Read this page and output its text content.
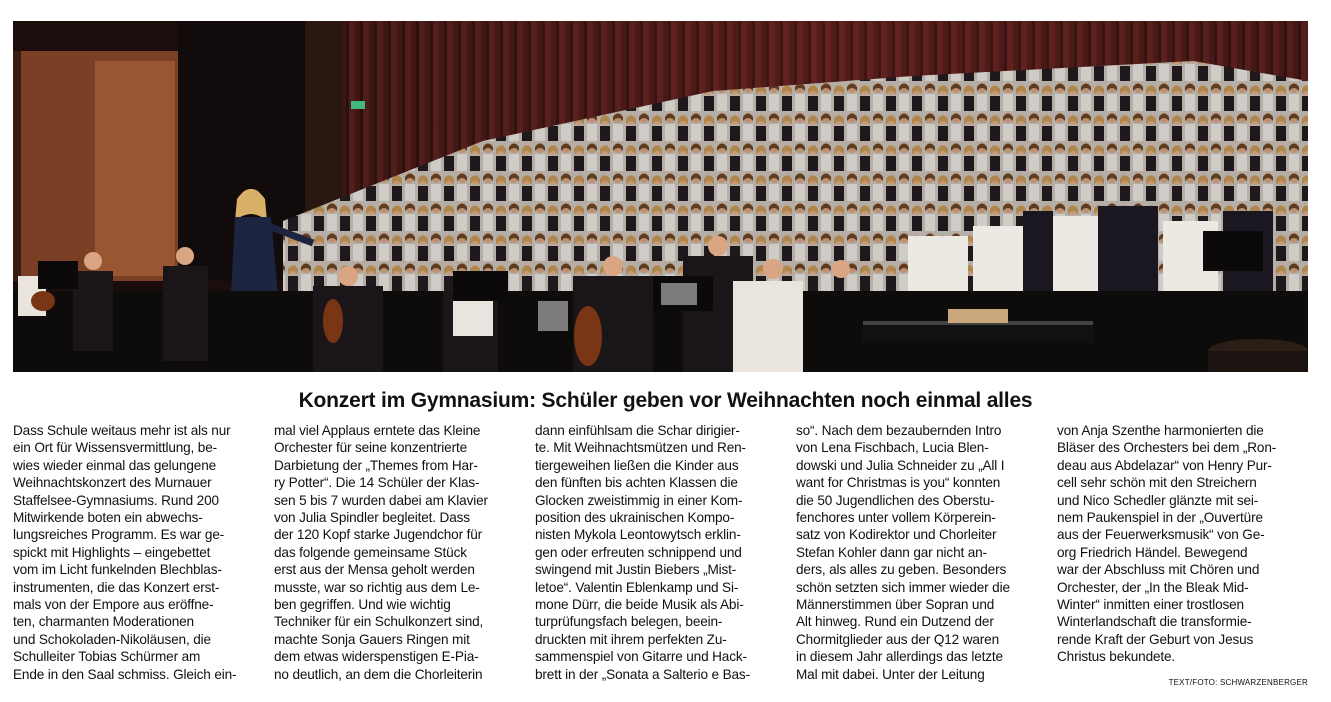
Konzert im Gymnasium: Schüler geben vor Weihnachten noch einmal alles
Dass Schule weitaus mehr ist als nur
ein Ort für Wissensvermittlung, be-
wies wieder einmal das gelungene
Weihnachtskonzert des Murnauer
Staffelsee-Gymnasiums. Rund 200
Mitwirkende boten ein abwechs-
lungsreiches Programm. Es war ge-
spickt mit Highlights – eingebettet
vom im Licht funkelnden Blechblas-
instrumenten, die das Konzert erst-
mals von der Empore aus eröffne-
ten, charmanten Moderationen
und Schokoladen-Nikoläusen, die
Schulleiter Tobias Schürmer am
Ende in den Saal schmiss. Gleich ein-
mal viel Applaus erntete das Kleine
Orchester für seine konzentrierte
Darbietung der „Themes from Har-
ry Potter“. Die 14 Schüler der Klas-
sen 5 bis 7 wurden dabei am Klavier
von Julia Spindler begleitet. Dass
der 120 Kopf starke Jugendchor für
das folgende gemeinsame Stück
erst aus der Mensa geholt werden
musste, war so richtig aus dem Le-
ben gegriffen. Und wie wichtig
Techniker für ein Schulkonzert sind,
machte Sonja Gauers Ringen mit
dem etwas widerspenstigen E-Pia-
no deutlich, an dem die Chorleiterin
dann einfühlsam die Schar dirigier-
te. Mit Weihnachtsmützen und Ren-
tiergeweihen ließen die Kinder aus
den fünften bis achten Klassen die
Glocken zweistimmig in einer Kom-
position des ukrainischen Kompo-
nisten Mykola Leontowytsch erklin-
gen oder erfreuten schnippend und
swingend mit Justin Biebers „Mist-
letoe“. Valentin Eblenkamp und Si-
mone Dürr, die beide Musik als Abi-
turprüfungsfach belegen, beein-
druckten mit ihrem perfekten Zu-
sammenspiel von Gitarre und Hack-
brett in der „Sonata a Salterio e Bas-
so“. Nach dem bezaubernden Intro
von Lena Fischbach, Lucia Blen-
dowski und Julia Schneider zu „All I
want for Christmas is you“ konnten
die 50 Jugendlichen des Oberstu-
fenchores unter vollem Körperein-
satz von Kodirektor und Chorleiter
Stefan Kohler dann gar nicht an-
ders, als alles zu geben. Besonders
schön setzten sich immer wieder die
Männerstimmen über Sopran und
Alt hinweg. Rund ein Dutzend der
Chormitglieder aus der Q12 waren
in diesem Jahr allerdings das letzte
Mal mit dabei. Unter der Leitung
von Anja Szenthe harmonierten die
Bläser des Orchesters bei dem „Ron-
deau aus Abdelazar“ von Henry Pur-
cell sehr schön mit den Streichern
und Nico Schedler glänzte mit sei-
nem Paukenspiel in der „Ouvertüre
aus der Feuerwerksmusik“ von Ge-
org Friedrich Händel. Bewegend
war der Abschluss mit Chören und
Orchester, der „In the Bleak Mid-
Winter“ inmitten einer trostlosen
Winterlandschaft die transformie-
rende Kraft der Geburt von Jesus
Christus bekundete.
TEXT/FOTO: SCHWARZENBERGER
